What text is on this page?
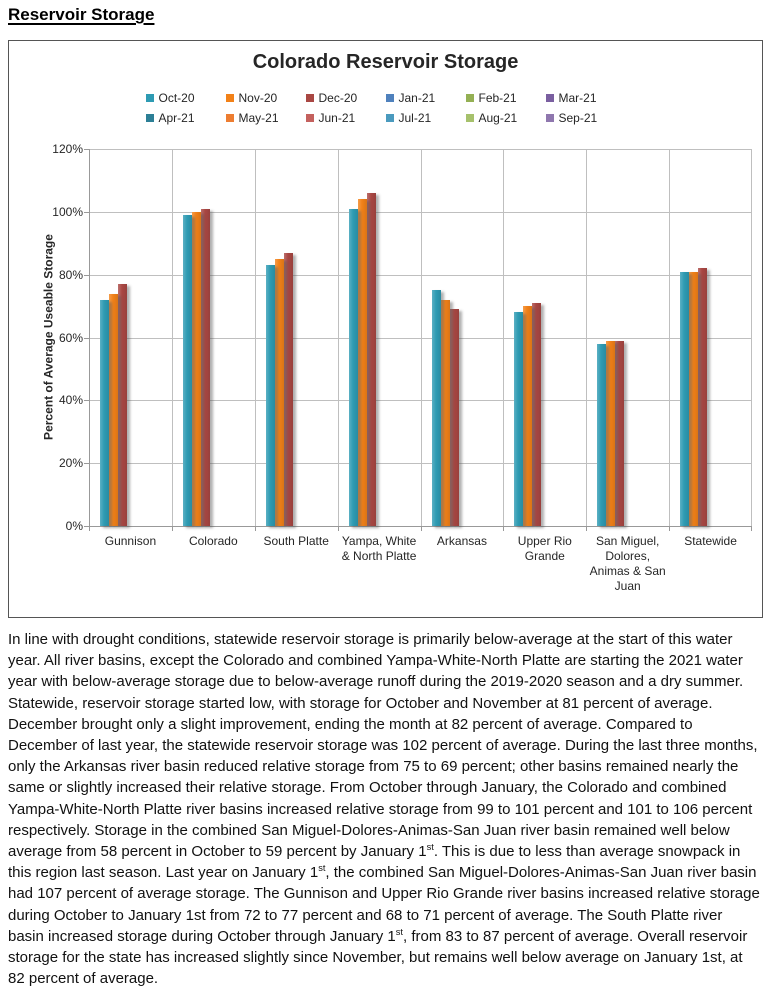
Reservoir Storage
Colorado Reservoir Storage
Oct-20	Nov-20	Dec-20	Jan-21	Feb-21	Mar-21
Apr-21	May-21	Jun-21	Jul-21	Aug-21	Sep-21
Percent of Average Useable Storage
120%
100%
80%
60%
40%
20%
0%
Gunnison	Colorado	South Platte	Yampa, White & North Platte
Arkansas	Upper Rio Grande
San Miguel, Dolores, Animas & San Juan
Statewide

In line with drought conditions, statewide reservoir storage is primarily below-average at the start of this water year. All river basins, except the Colorado and combined Yampa-White-North Platte are starting the 2021 water year with below-average storage due to below-average runoff during the 2019-2020 season and a dry summer. Statewide, reservoir storage started low, with storage for October and November at 81 percent of average. December brought only a slight improvement, ending the month at 82 percent of average. Compared to December of last year, the statewide reservoir storage was 102 percent of average. During the last three months, only the Arkansas river basin reduced relative storage from 75 to 69 percent; other basins remained nearly the same or slightly increased their relative storage. From October through January, the Colorado and combined Yampa-White-North Platte river basins increased relative storage from 99 to 101 percent and 101 to 106 percent respectively. Storage in the combined San Miguel-Dolores-Animas-San Juan river basin remained well below average from 58 percent in October to 59 percent by January 1st. This is due to less than average snowpack in this region last season. Last year on January 1st, the combined San Miguel-Dolores-Animas-San Juan river basin had 107 percent of average storage. The Gunnison and Upper Rio Grande river basins increased relative storage during October to January 1st from 72 to 77 percent and 68 to 71 percent of average. The South Platte river basin increased storage during October through January 1st, from 83 to 87 percent of average. Overall reservoir storage for the state has increased slightly since November, but remains well below average on January 1st, at 82 percent of average.
